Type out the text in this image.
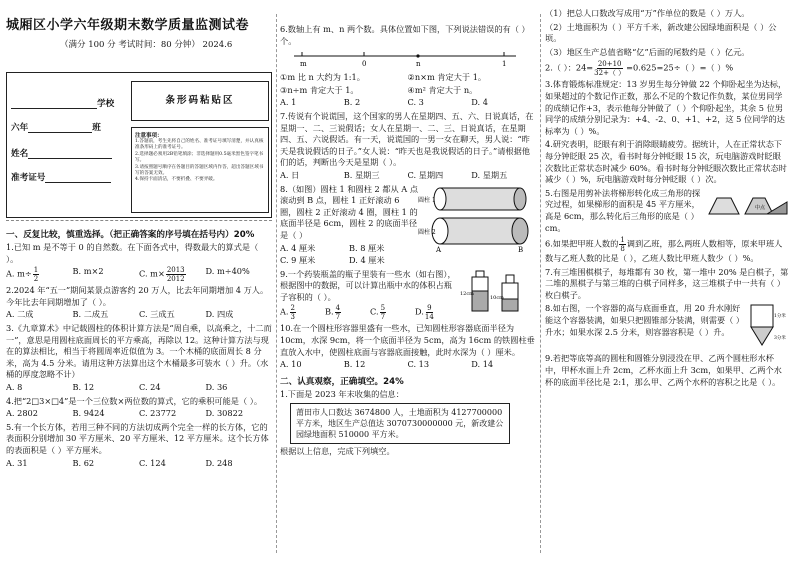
城厢区小学六年级期末数学质量监测试卷
（满分 100 分 考试时间：80 分钟） 2024.6
学校
六年	班
姓名
准考证号
条形码粘贴区
注意事项：
1.答题前，考生先将自己的姓名、准考证号填写清楚，并认真核准条形码上的准考证号。
2.选择题必须用2B铅笔填涂；非选择题用0.5毫米黑色签字笔书写。
3.请按照题号顺序在各题目的答题区域内作答，超出答题区域书写的答案无效。
4.保持卡面清洁，不要折叠、不要弄破。
一、反复比较，慎重选择。（把正确答案的序号填在括号内）20%
1.已知 m 是不等于 0 的自然数。在下面各式中，得数最大的算式是（ ）。
A. $m\div \frac{1}{2}$	B. m×2	C. $m\times \frac{2013}{2012} D$. m÷40%
2.2024 年“五一”期间某景点游客约 20 万人，比去年同期增加 4 万人。今年比去年同期增加了（ ）。
A. 二成	B. 二成五	C. 三成五	D. 四成
3.《九章算术》中记载圆柱的体积计算方法是“周自乘，以高乘之，十二而一”，意思是用圆柱底面周长的平方乘高，再除以 12。这种计算方法与现在的算法相比，相当于将圆周率近似值为 3。一个木桶的底面周长 8 分米，高为 4.5 分米。请用这种方法算出这个木桶最多可装水（ ）升。（水桶的厚度忽略不计）
A. 8	B. 12	C. 24	D. 36
4.把“2□3×□4”是一个三位数×两位数的算式，它的乘积可能是（ ）。
A. 2802	B. 9424	C. 23772	D. 30822
5.有一个长方体，若用三种不同的方法切成两个完全一样的长方体，它的表面积分别增加 30 平方厘米、20 平方厘米、12 平方厘米。这个长方体的表面积是（ ）平方厘米。
A. 31	B. 62	C. 124	D. 248
6.数轴上有 m、n 两个数。具体位置如下图，下列说法错误的有（ ）个。
m	0	n	1
①m 比 n 大约为 1:1。	②n×m 肯定大于 1。
③n÷m 肯定大于 1。	④m² 肯定大于 n。
A. 1	B. 2	C. 3	D. 4
7.传说有个说谎国，这个国家的男人在星期四、五、六、日说真话，在星期一、二、三说假话；女人在星期一、二、三、日说真话，在星期四、五、六说假话。有一天，说谎国的一男一女在聊天，男人说：“昨天是我说假话的日子。”女人说：“昨天也是我说假话的日子。”请根据他们的话，判断出今天是星期（ ）。
A. 日	B. 星期三	C. 星期四	D. 星期五
8.（如图）圆柱 1 和圆柱 2 都从 A 点滚动到 B 点，圆柱 1 正好滚动 6 圈，圆柱 2 正好滚动 4 圈，圆柱 1 的底面半径是 6cm，圆柱 2 的底面半径是（ ）
A. 4 厘米	B. 8 厘米
C. 9 厘米	D. 4 厘米
圆柱 1
圆柱 2
A	B
9.一个药装瓶盖的瓶子里装有一些水（如右图），根据图中的数据，可以计算出瓶中水的体积占瓶子容积的（ ）。
A. $\frac{2}{3}$	B. $\frac{4}{7}$	C. $\frac{5}{7}$	D. $\frac{9}{14}$
10cm
12cm
10.在一个圆柱形容器里盛有一些水，已知圆柱形容器底面半径为 10cm，水深 9cm，将一个底面半径为 5cm，高为 16cm 的铁圆柱垂直放入水中，使圆柱底面与容器底面接触，此时水深为（ ）厘米。
A. 10	B. 12	C. 13	D. 14
二、认真观察，正确填空。24%
1.下面是 2023 年末收集的信息：
莆田市人口数达 3674800 人，土地面积为 4127700000 平方米，地区生产总值达 3070730000000 元，新改建公园绿地面积 510000 平方米。
根据以上信息，完成下列填空。
（1）把总人口数改写成用“万”作单位的数是（ ）万人。
（2）土地面积为（ ）平方千米，新改建公园绿地面积是（ ）公顷。
（3）地区生产总值省略“亿”后面的尾数约是（ ）亿元。
2.（ ）：$24= \frac{20+10}{32+( )} =0.625=25\div$（ ）=（ ）%
3.体育锻炼标准规定：13 岁男生每分钟做 22 个仰卧起坐为达标，如果超过的个数记作正数，那么不足的个数记作负数，某位男同学的成绩记作+3，表示他每分钟做了（ ）个仰卧起坐，其余 5 位男同学的成绩分别记录为：+4、-2、0、+1、+2，这 5 位同学的达标率为（ ）%。
4.研究表明，眨眼有利于消除眼睛疲劳。据统计，人在正常状态下每分钟眨眼 25 次，看书时每分钟眨眼 15 次，玩电脑游戏时眨眼次数比正常状态时减少 60%。看书时每分钟眨眼次数比正常状态时减少（ ）%，玩电脑游戏时每分钟眨眼（ ）次。
5.右图是用剪补法将梯形转化成三角形的探究过程，如果梯形的面积是 45 平方厘米，高是 6cm，那么转化后三角形的底是（ ）cm。
中点
6.如果把甲班人数的 $\frac{1}{8}$ 调到乙班，那么两班人数相等，原来甲班人数与乙班人数的比是（ ），乙班人数比甲班人数少（ ）%。
7.有三堆围棋棋子，每堆都有 30 枚，第一堆中 20% 是白棋子，第二堆的黑棋子与第三堆的白棋子同样多，这三堆棋子中一共有（ ）枚白棋子。
8.如右图，一个容器的高与底面垂直，用 20 升水刚好能这个容器装满，如果只把圆锥部分装满，则需要（ ）升水；如果水深 2.5 分米，则容器容积是（ ）升。
1分米
3分米
9.若把等底等高的圆柱和圆锥分别浸没在甲、乙两个圆柱形水杯中，甲杯水面上升 2cm，乙杯水面上升 3cm，如果甲、乙两个水杯的底面半径比是 2:1，那么甲、乙两个水杯的容积之比是（ ）。
